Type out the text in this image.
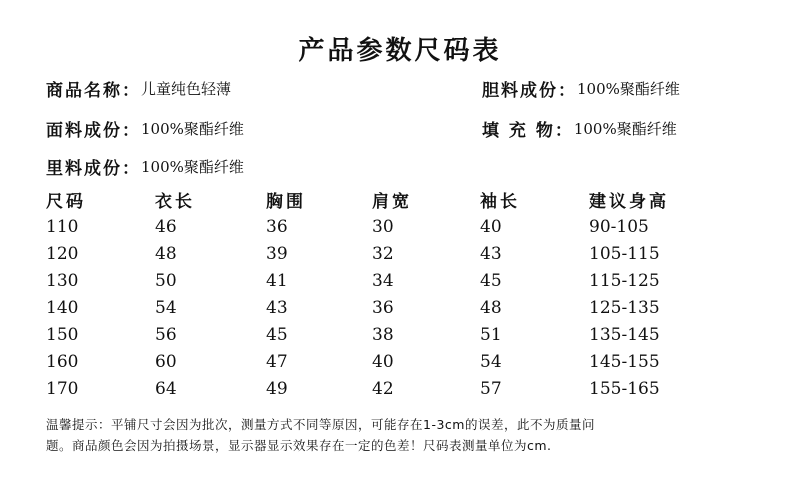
产品参数尺码表
商品名称： 儿童纯色轻薄	胆料成份： 100%聚酯纤维
面料成份： 100%聚酯纤维	填 充 物： 100%聚酯纤维
里料成份： 100%聚酯纤维
尺码	衣长	胸围	肩宽	袖长	建议身高
110	46	36	30	40	90-105
120	48	39	32	43	105-115
130	50	41	34	45	115-125
140	54	43	36	48	125-135
150	56	45	38	51	135-145
160	60	47	40	54	145-155
170	64	49	42	57	155-165
温馨提示：平铺尺寸会因为批次，测量方式不同等原因，可能存在1-3cm的误差，此不为质量问
题。商品颜色会因为拍摄场景，显示器显示效果存在一定的色差！尺码表测量单位为cm.
